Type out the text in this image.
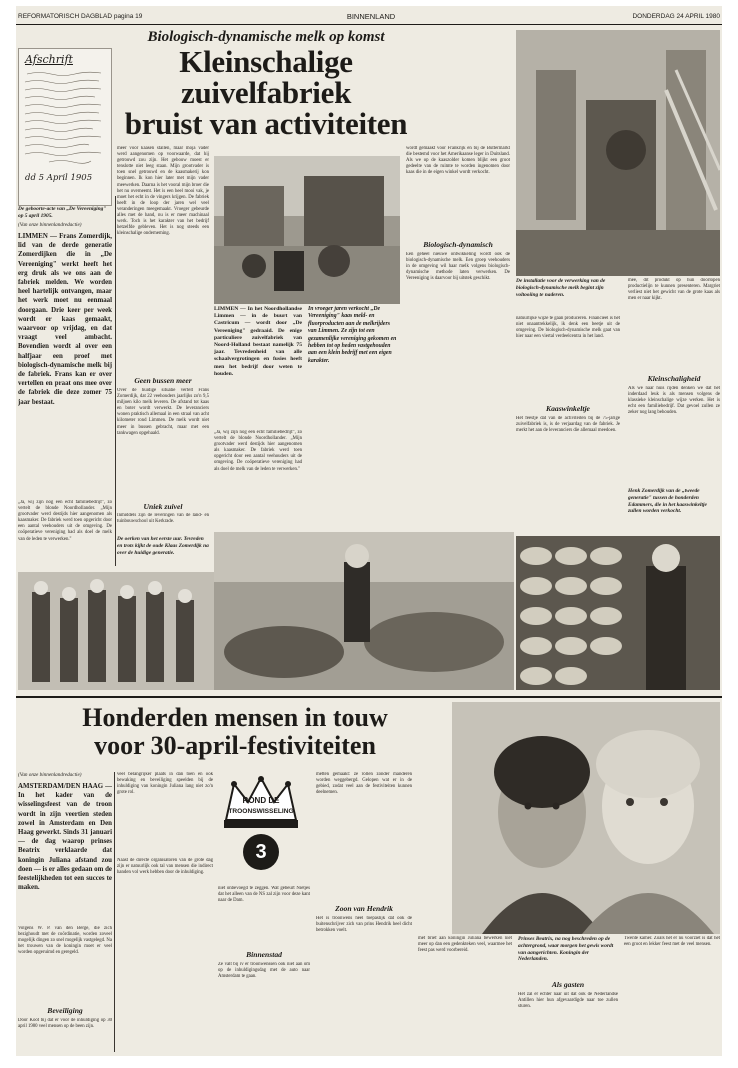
REFORMATORISCH DAGBLAD pagina 19	BINNENLAND	DONDERDAG 24 APRIL 1980
Biologisch-dynamische melk op komst
Kleinschalige zuivelfabriek
bruist van activiteiten
Afschrift
dd 5 April 1905
De geboorte-acte van „De Vereeniging" op 5 april 1905.
(Van onze binnenlandredactie)
LIMMEN — Frans Zomerdijk, lid van de derde generatie Zomerdijken die in „De Vereeniging" werkt heeft het erg druk als we ons aan de fabriek melden. We worden heel hartelijk ontvangen, maar het werk moet nu eenmaal doorgaan. Drie keer per week wordt er kaas gemaakt, waarvoor op vrijdag, en dat vraagt veel ambacht. Bovendien wordt al over een halfjaar een proef met biologisch-dynamische melk bij de fabriek. Frans kan er over vertellen en praat ons mee over de fabriek die deze zomer 75 jaar bestaat.
„Ja, wij zijn nog een echt familiebedrijf", zo vertelt de blonde Noordhollander. „Mijn grootvader werd destijds hier aangenomen als kaasmaker. De fabriek werd toen opgericht door een aantal veehouders uit de omgeving. De coöperatieve vereniging had als doel de melk van de leden te verwerken."
meer voor kaasen stallen, maar moja vader werd aangenomen op voorwaarde, dat hij getrouwd zou zijn. Het gebouw moest er tenslotte niet leeg staan. Mijn grootvader is toen snel getrouwd en de kaasmakerij kon beginnen. Ik kon hier later met mijn vader meewerken. Daarna is het vooral mijn broer die het nu overneemt. Het is een heel mooi vak, je moet het echt in de vingers krijgen. De fabriek heeft in de loop der jaren wel veel veranderingen meegemaakt. Vroeger gebeurde alles met de hand, nu is er meer machinaal werk. Toch is het karakter van het bedrijf hetzelfde gebleven. Het is nog steeds een kleinschalige onderneming.
Geen bussen meer
Over de huidige situatie vertelt Frans Zomerdijk, dat 22 veehouders jaarlijks zo'n 9,5 miljoen kilo melk leveren. De afstand tot kaas en boter wordt verwerkt. De leveranciers wonen praktisch allemaal in een straal van acht kilometer rond Limmen. De melk wordt niet meer in bussen gebracht, maar met een tankwagen opgehaald.
Uniek zuivel
Inmiddels zijn de leveringen van de land- en tuinbouwschool uit Kerkrade.
LIMMEN — In het Noordhollandse Limmen — in de buurt van Castricum — wordt door „De Vereeniging" gedraaid. De enige particuliere zuivelfabriek van Noord-Holland bestaat namelijk 75 jaar. Tevredenheid van alle schaalvergrotingen en fusies heeft men het bedrijf door weten te houden.
In vroeger jaren verkocht „De Vereeniging" kaas meld- en fluorproducten aan de melkrijders van Limmen. Ze zijn tot een gezamenlijke vereniging gekomen en hebben tot op heden vastgehouden aan een klein bedrijf met een eigen karakter.
„Ja, wij zijn nog een echt familiebedrijf", zo vertelt de blonde Noordhollander. „Mijn grootvader werd destijds hier aangenomen als kaasmaker. De fabriek werd toen opgericht door een aantal veehouders uit de omgeving. De coöperatieve vereniging had als doel de melk van de leden te verwerken."
wordt gemaakt voor Frankrijk en bij de Buttermarkt die bestemd voor het Amerikaanse leger in Duitsland. Als we op de kaaszolder komen blijkt een groot gedeelte van de ruimte te worden ingenomen door kaas die in de eigen winkel wordt verkocht.
Biologisch-dynamisch
Een geheel nieuwe ontwikkeling wordt ook de biologisch-dynamische melk. Een groep veehouders in de omgeving wil haar melk volgens biologisch-dynamische methode laten verwerken. De Vereeniging is daarvoor bij uitstek geschikt.	De installatie voor de verwerking van de biologisch-dynamische melk begint zijn voltooiing te naderen.
natuurlijke wijze te gaan produceren. Financieel is het niet onaantrekkelijk, ik denk een beetje uit de omgeving. De biologisch-dynamische melk gaat van hier naar een viertal verdeelcentra in het land.
Kaaswinkeltje
Het feestje dat van de activiteiten bij de 75-jarige zuivelfabriek is, is de verjaardag van de fabriek. Je merkt het aan de leveranciers die allemaal meedoen.
mee, dit produkt op hun doorlopen productielijn te kunnen presenteren. Margriet verliest niet het gewicht van de grote kaas als men er naar kijkt.
Kleinschaligheid
Als we naar huis rijden denken we dat het inderdaad leuk is als mensen volgens de klassieke kleinschalige wijze werken. Het is echt een familiebedrijf. Dat gevoel zullen ze zeker nog lang behouden.
Henk Zomerdijk van de „tweede generatie" tussen de honderden Edammers, die in het kaaswinkeltje zullen worden verkocht.
De oerken van het eerste uur. Tevreden en trots kijkt de oude Klaas Zomerdijk na over de huidige generatie.
Honderden mensen in touw
voor 30-april-festiviteiten
(Van onze binnenlandredactie)
AMSTERDAM/DEN HAAG — In het kader van de wisselingsfeest van de troon wordt in zijn veertien steden zowel in Amsterdam en Den Haag gewerkt. Sinds 31 januari — de dag waarop prinses Beatrix verklaarde dat koningin Juliana afstand zou doen — is er alles gedaan om de feestelijkheden tot een succes te maken.
Volgens W. P. van den Berge, die zich bezighoudt met de coördinatie, worden zoveel mogelijk dingen zo snel mogelijk vastgelegd. Na het trouwen van de koningin moet er veel worden opgeruimd en geregeld.
Beveiliging
Door Koot bij dat er voor de inhuldiging op 30 april 1980 veel mensen op de been zijn.
veel belangrijker plaats in dan toen en ook bewaking en beveiliging speelden bij de inhuldiging van koningin Juliana lang niet zo'n grote rol.
Naast de directe organisatoren van de grote dag zijn er natuurlijk ook tal van mensen die indirect handen vol werk hebben door de inhuldiging.
ROND DE
TROONSWISSELING
3
niet onbevoegd te zeggen. Wat gebeurt Nietjes dat het alleen van de NS zal zijn voor deze kant naar de Dam.
Binnenstad
Ze valt bij iv er troonwenssen ook niet aan om op de inhuldigingsdag met de auto naar Amsterdam te gaan.
metten gemaakt: ze rollen zonder manderen worden weggebergd. Gelopen wat er in de gebied, zodat veel aan de festiviteiten kunnen deelnemen.
Zoon van Hendrik
Het is troonwens heel toepaslijk dat ook de buitenschrijver zich van prins Hendrik heel dicht betrokken voelt.
met brief aan koningin Juliana bewerken niet meer op dan een gedenkteken veel, waarmee het feest pas werd voorbereid.
Prinses Beatrix, na nog beschreden op de achtergrond, waar morgen het gewis wordt van aangerichten. Koningin der Nederlanden.
Als gasten
Het zal er echter naar uit dat ook de Nederlandse Antillen hier hun afgevaardigde naar toe zullen sturen.
Twente kamer. Zoals het er nu voorziet is dat het een groot en lekker feest met de veel mensen.
